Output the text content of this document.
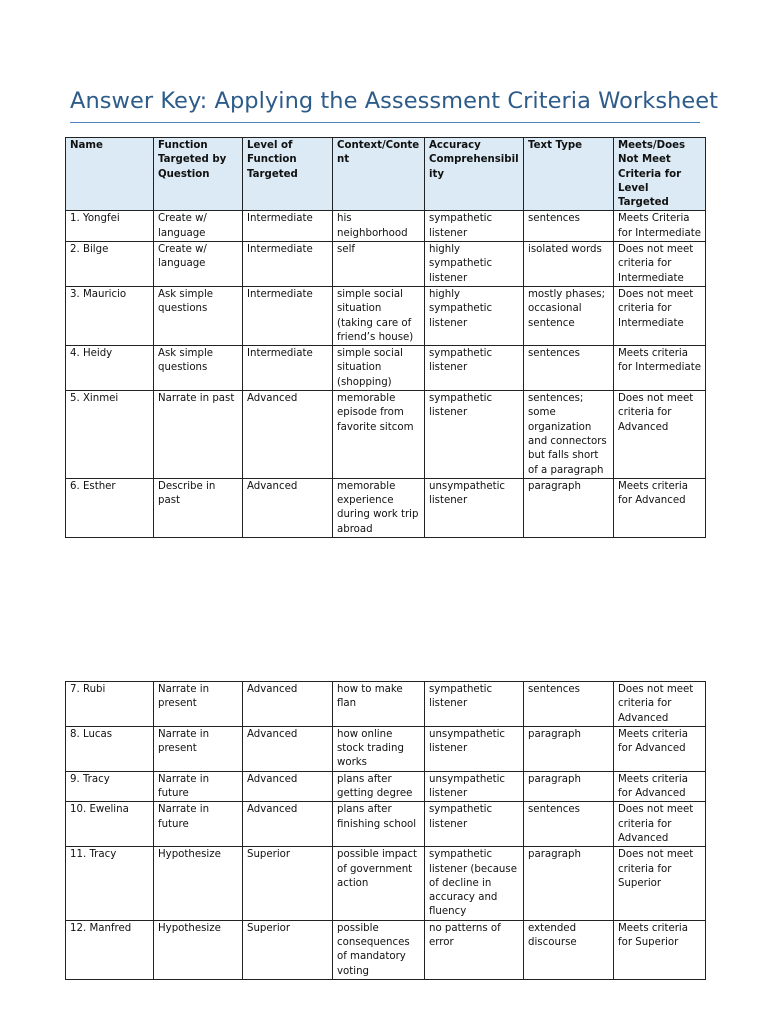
Answer Key: Applying the Assessment Criteria Worksheet
Name	Function Targeted by Question	Level of Function Targeted	Context/Content	Accuracy Comprehensibility	Text Type	Meets/Does Not Meet Criteria for Level Targeted
1. Yongfei	Create w/ language	Intermediate	his neighborhood	sympathetic listener	sentences	Meets Criteria for Intermediate
2. Bilge	Create w/ language	Intermediate	self	highly sympathetic listener	isolated words	Does not meet criteria for Intermediate
3. Mauricio	Ask simple questions	Intermediate	simple social situation (taking care of friend’s house)	highly sympathetic listener	mostly phases; occasional sentence	Does not meet criteria for Intermediate
4. Heidy	Ask simple questions	Intermediate	simple social situation (shopping)	sympathetic listener	sentences	Meets criteria for Intermediate
5. Xinmei	Narrate in past	Advanced	memorable episode from favorite sitcom	sympathetic listener	sentences; some organization and connectors but falls short of a paragraph	Does not meet criteria for Advanced
6. Esther	Describe in past	Advanced	memorable experience during work trip abroad	unsympathetic listener	paragraph	Meets criteria for Advanced
7. Rubi	Narrate in present	Advanced	how to make flan	sympathetic listener	sentences	Does not meet criteria for Advanced
8. Lucas	Narrate in present	Advanced	how online stock trading works	unsympathetic listener	paragraph	Meets criteria for Advanced
9. Tracy	Narrate in future	Advanced	plans after getting degree	unsympathetic listener	paragraph	Meets criteria for Advanced
10. Ewelina	Narrate in future	Advanced	plans after finishing school	sympathetic listener	sentences	Does not meet criteria for Advanced
11. Tracy	Hypothesize	Superior	possible impact of government action	sympathetic listener (because of decline in accuracy and fluency	paragraph	Does not meet criteria for Superior
12. Manfred	Hypothesize	Superior	possible consequences of mandatory voting	no patterns of error	extended discourse	Meets criteria for Superior
